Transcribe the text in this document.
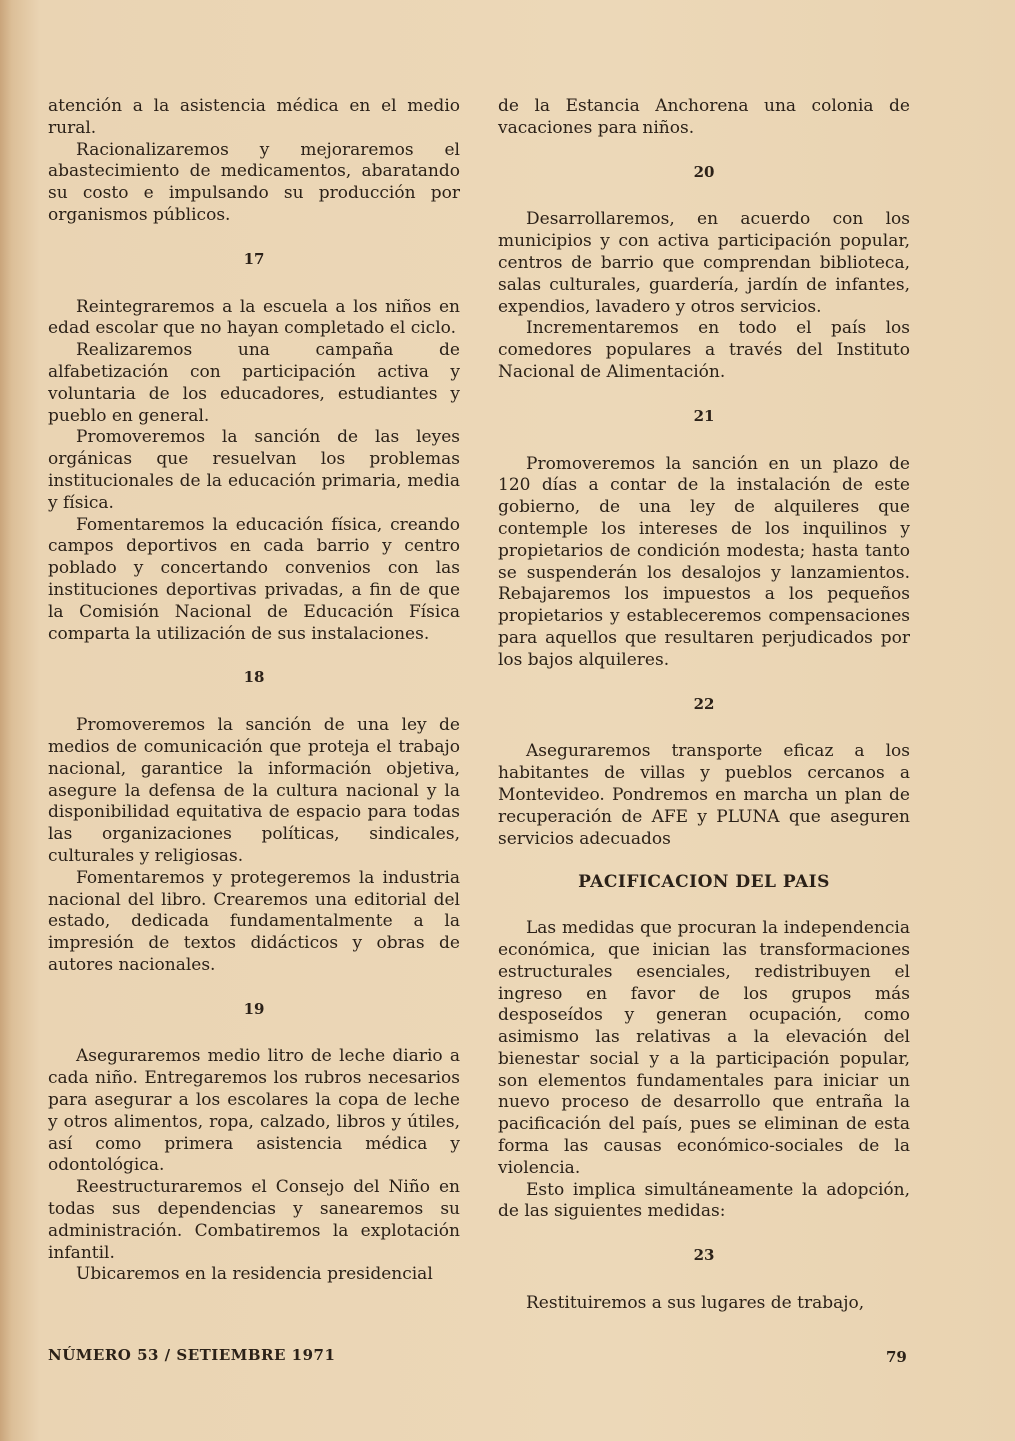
atención a la asistencia médica en el medio rural.

Racionalizaremos y mejoraremos el abastecimiento de medicamentos, abaratando su costo e impulsando su producción por organismos públicos.

17

Reintegraremos a la escuela a los niños en edad escolar que no hayan completado el ciclo.

Realizaremos una campaña de alfabetización con participación activa y voluntaria de los educadores, estudiantes y pueblo en general.

Promoveremos la sanción de las leyes orgánicas que resuelvan los problemas institucionales de la educación primaria, media y física.

Fomentaremos la educación física, creando campos deportivos en cada barrio y centro poblado y concertando convenios con las instituciones deportivas privadas, a fin de que la Comisión Nacional de Educación Física comparta la utilización de sus instalaciones.

18

Promoveremos la sanción de una ley de medios de comunicación que proteja el trabajo nacional, garantice la información objetiva, asegure la defensa de la cultura nacional y la disponibilidad equitativa de espacio para todas las organizaciones políticas, sindicales, culturales y religiosas.

Fomentaremos y protegeremos la industria nacional del libro. Crearemos una editorial del estado, dedicada fundamentalmente a la impresión de textos didácticos y obras de autores nacionales.

19

Aseguraremos medio litro de leche diario a cada niño. Entregaremos los rubros necesarios para asegurar a los escolares la copa de leche y otros alimentos, ropa, calzado, libros y útiles, así como primera asistencia médica y odontológica.

Reestructuraremos el Consejo del Niño en todas sus dependencias y sanearemos su administración. Combatiremos la explotación infantil.

Ubicaremos en la residencia presidencial

de la Estancia Anchorena una colonia de vacaciones para niños.

20

Desarrollaremos, en acuerdo con los municipios y con activa participación popular, centros de barrio que comprendan biblioteca, salas culturales, guardería, jardín de infantes, expendios, lavadero y otros servicios.

Incrementaremos en todo el país los comedores populares a través del Instituto Nacional de Alimentación.

21

Promoveremos la sanción en un plazo de 120 días a contar de la instalación de este gobierno, de una ley de alquileres que contemple los intereses de los inquilinos y propietarios de condición modesta; hasta tanto se suspenderán los desalojos y lanzamientos. Rebajaremos los impuestos a los pequeños propietarios y estableceremos compensaciones para aquellos que resultaren perjudicados por los bajos alquileres.

22

Aseguraremos transporte eficaz a los habitantes de villas y pueblos cercanos a Montevideo. Pondremos en marcha un plan de recuperación de AFE y PLUNA que aseguren servicios adecuados

PACIFICACION DEL PAIS

Las medidas que procuran la independencia económica, que inician las transformaciones estructurales esenciales, redistribuyen el ingreso en favor de los grupos más desposeídos y generan ocupación, como asimismo las relativas a la elevación del bienestar social y a la participación popular, son elementos fundamentales para iniciar un nuevo proceso de desarrollo que entraña la pacificación del país, pues se eliminan de esta forma las causas económico-sociales de la violencia.

Esto implica simultáneamente la adopción, de las siguientes medidas:

23

Restituiremos a sus lugares de trabajo,

NÚMERO 53 / SETIEMBRE 1971	79
